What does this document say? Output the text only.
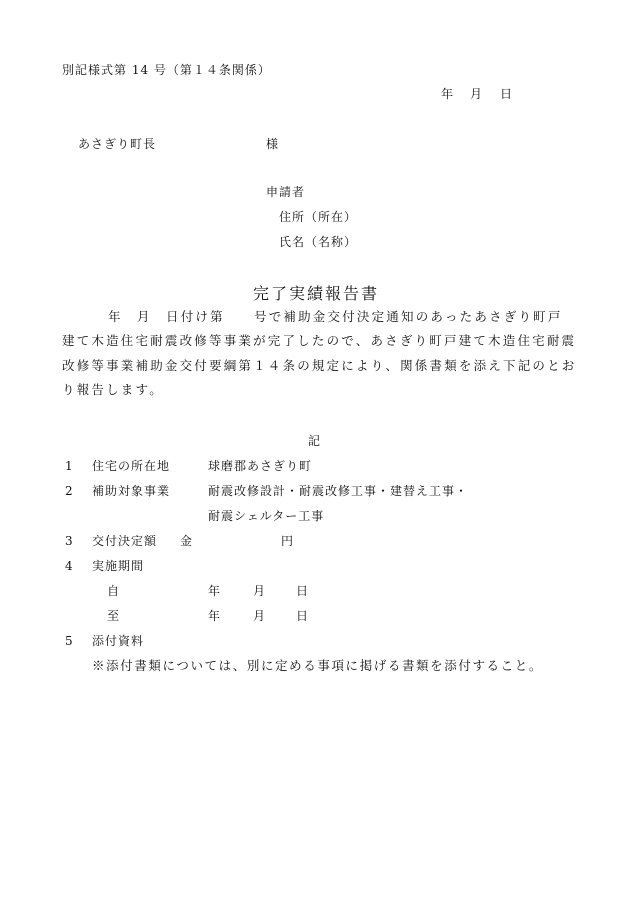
別記様式第 14 号（第１４条関係）
年 月 日
あさぎり町長	様
申請者
住所（所在）
氏名（名称）
完了実績報告書
年 月 日付け第 号で補助金交付決定通知のあったあさぎり町戸
建て木造住宅耐震改修等事業が完了したので、あさぎり町戸建て木造住宅耐震
改修等事業補助金交付要綱第１４条の規定により、関係書類を添え下記のとお
り報告します。
記
1 住宅の所在地	球磨郡あさぎり町
2 補助対象事業	耐震改修設計・耐震改修工事・建替え工事・
耐震シェルター工事
3 交付決定額 金	円
4 実施期間
自	年	月 日
至	年	月 日
5 添付資料
※添付書類については、別に定める事項に掲げる書類を添付すること。
